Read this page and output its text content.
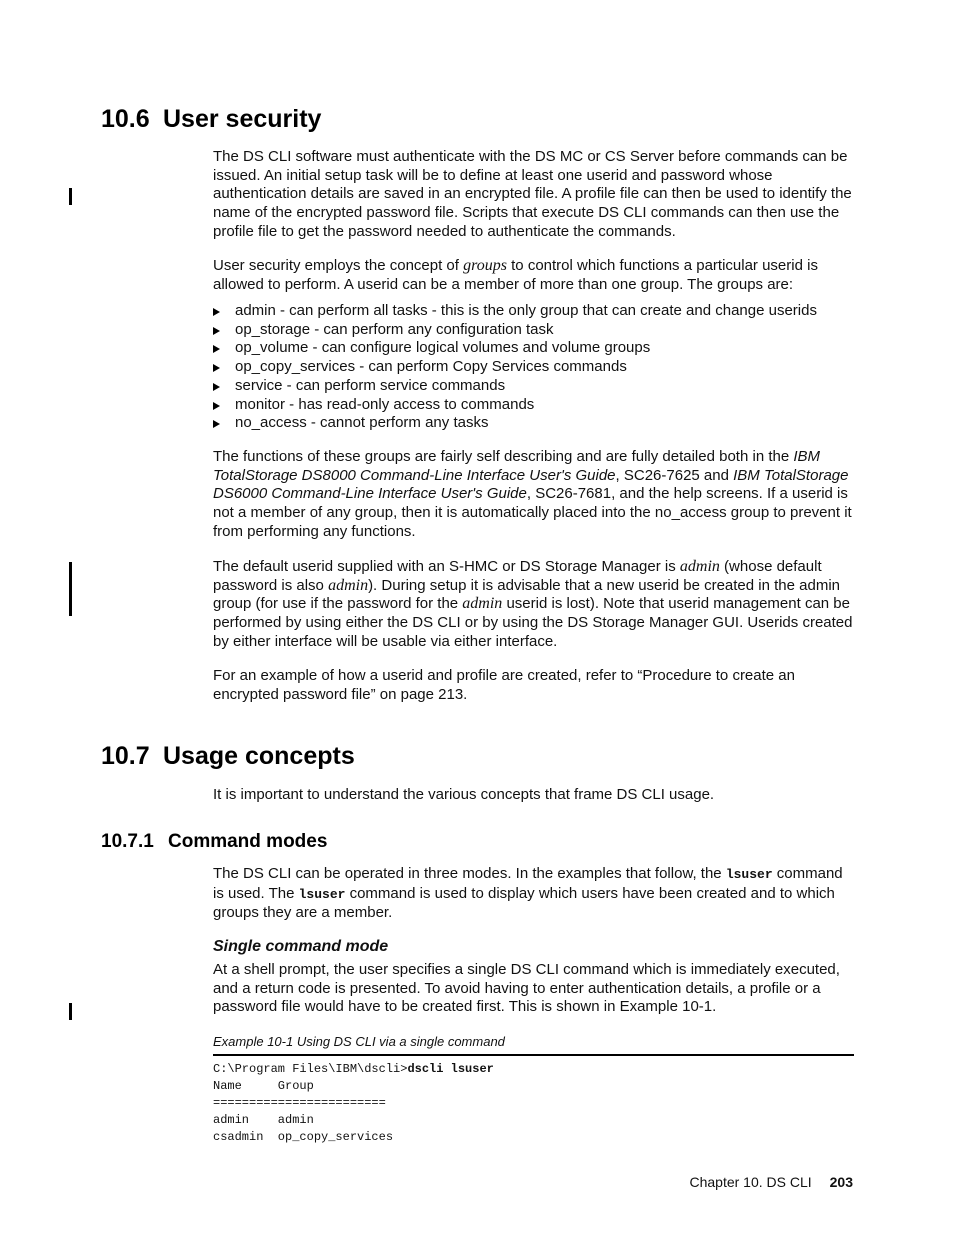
10.6 User security

The DS CLI software must authenticate with the DS MC or CS Server before commands can be issued. An initial setup task will be to define at least one userid and password whose authentication details are saved in an encrypted file. A profile file can then be used to identify the name of the encrypted password file. Scripts that execute DS CLI commands can then use the profile file to get the password needed to authenticate the commands.

User security employs the concept of groups to control which functions a particular userid is allowed to perform. A userid can be a member of more than one group. The groups are:

admin - can perform all tasks - this is the only group that can create and change userids
op_storage - can perform any configuration task
op_volume - can configure logical volumes and volume groups
op_copy_services - can perform Copy Services commands
service - can perform service commands
monitor - has read-only access to commands
no_access - cannot perform any tasks

The functions of these groups are fairly self describing and are fully detailed both in the IBM TotalStorage DS8000 Command-Line Interface User's Guide, SC26-7625 and IBM TotalStorage DS6000 Command-Line Interface User's Guide, SC26-7681, and the help screens. If a userid is not a member of any group, then it is automatically placed into the no_access group to prevent it from performing any functions.

The default userid supplied with an S-HMC or DS Storage Manager is admin (whose default password is also admin). During setup it is advisable that a new userid be created in the admin group (for use if the password for the admin userid is lost). Note that userid management can be performed by using either the DS CLI or by using the DS Storage Manager GUI. Userids created by either interface will be usable via either interface.

For an example of how a userid and profile are created, refer to “Procedure to create an encrypted password file” on page 213.

10.7 Usage concepts

It is important to understand the various concepts that frame DS CLI usage.

10.7.1 Command modes

The DS CLI can be operated in three modes. In the examples that follow, the lsuser command is used. The lsuser command is used to display which users have been created and to which groups they are a member.

Single command mode

At a shell prompt, the user specifies a single DS CLI command which is immediately executed, and a return code is presented. To avoid having to enter authentication details, a profile or a password file would have to be created first. This is shown in Example 10-1.

Example 10-1 Using DS CLI via a single command
C:\Program Files\IBM\dscli>dscli lsuser
Name     Group
========================
admin    admin
csadmin  op_copy_services
Chapter 10. DS CLI 203
